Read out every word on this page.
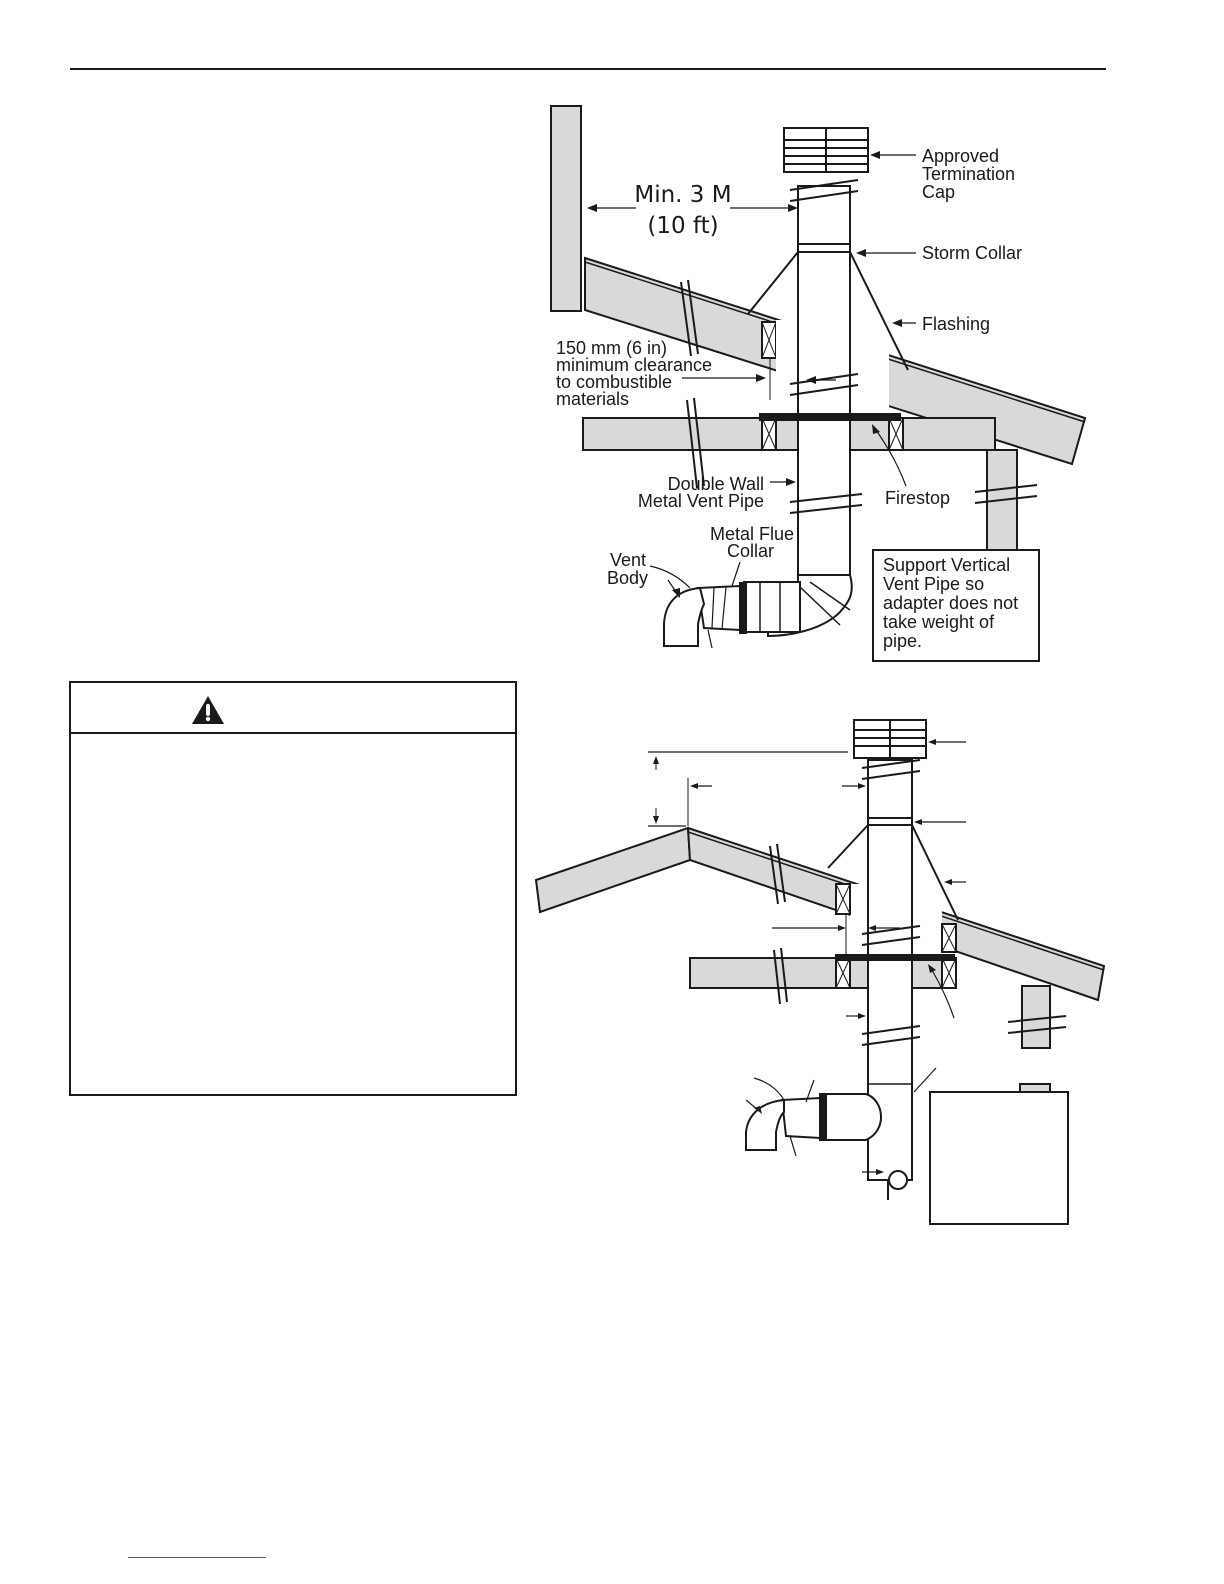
Min. 3 M
(10 ft)
Approved
Termination
Cap
Storm Collar
Flashing
150 mm (6 in)
minimum clearance
to combustible
materials
Double Wall
Metal Vent Pipe	Firestop
Metal Flue
Collar
Vent
Body
Support Vertical
Vent Pipe so
adapter does not
take weight of
pipe.
